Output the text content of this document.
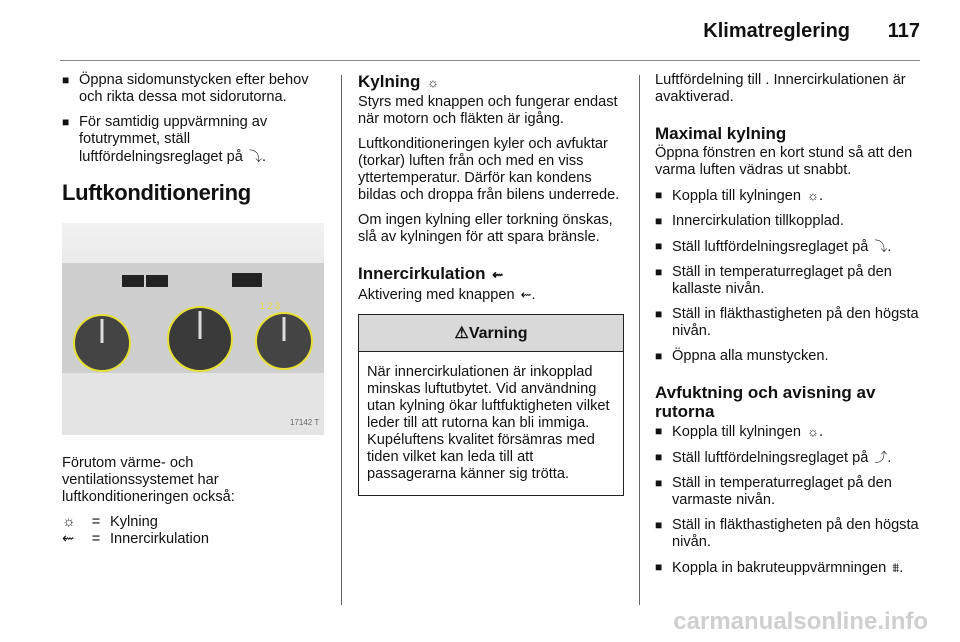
Klimatreglering 117
■ Öppna sidomunstycken efter behov och rikta dessa mot sidorutorna.
■ För samtidig uppvärmning av fotutrymmet, ställ luftfördelningsreglaget på ⤵.
Luftkonditionering
1 2 3
17142 T

Förutom värme- och ventilationssystemet har luftkonditioneringen också:

☼	= Kylning
⇜	= Innercirkulation
Kylning ☼

Styrs med knappen och fungerar endast när motorn och fläkten är igång.

Luftkonditioneringen kyler och avfuktar (torkar) luften från och med en viss yttertemperatur. Därför kan kondens bildas och droppa från bilens underrede.

Om ingen kylning eller torkning önskas, slå av kylningen för att spara bränsle.

Innercirkulation ⇜

Aktivering med knappen ⇜.

⚠ Varning
När innercirkulationen är inkopplad minskas luftutbytet. Vid användning utan kylning ökar luftfuktigheten vilket leder till att rutorna kan bli immiga. Kupéluftens kvalitet försämras med tiden vilket kan leda till att passagerarna känner sig trötta.

Luftfördelning till . Innercirkulationen är avaktiverad.

Maximal kylning

Öppna fönstren en kort stund så att den varma luften vädras ut snabbt.

■ Koppla till kylningen ☼.
■ Innercirkulation tillkopplad.
■ Ställ luftfördelningsreglaget på ⤵.
■ Ställ in temperaturreglaget på den kallaste nivån.
■ Ställ in fläkthastigheten på den högsta nivån.
■ Öppna alla munstycken.
Avfuktning och avisning av rutorna
■ Koppla till kylningen ☼.
■ Ställ luftfördelningsreglaget på ⤴.
■ Ställ in temperaturreglaget på den varmaste nivån.
■ Ställ in fläkthastigheten på den högsta nivån.
■ Koppla in bakruteuppvärmningen ⩩.
carmanualsonline.info
